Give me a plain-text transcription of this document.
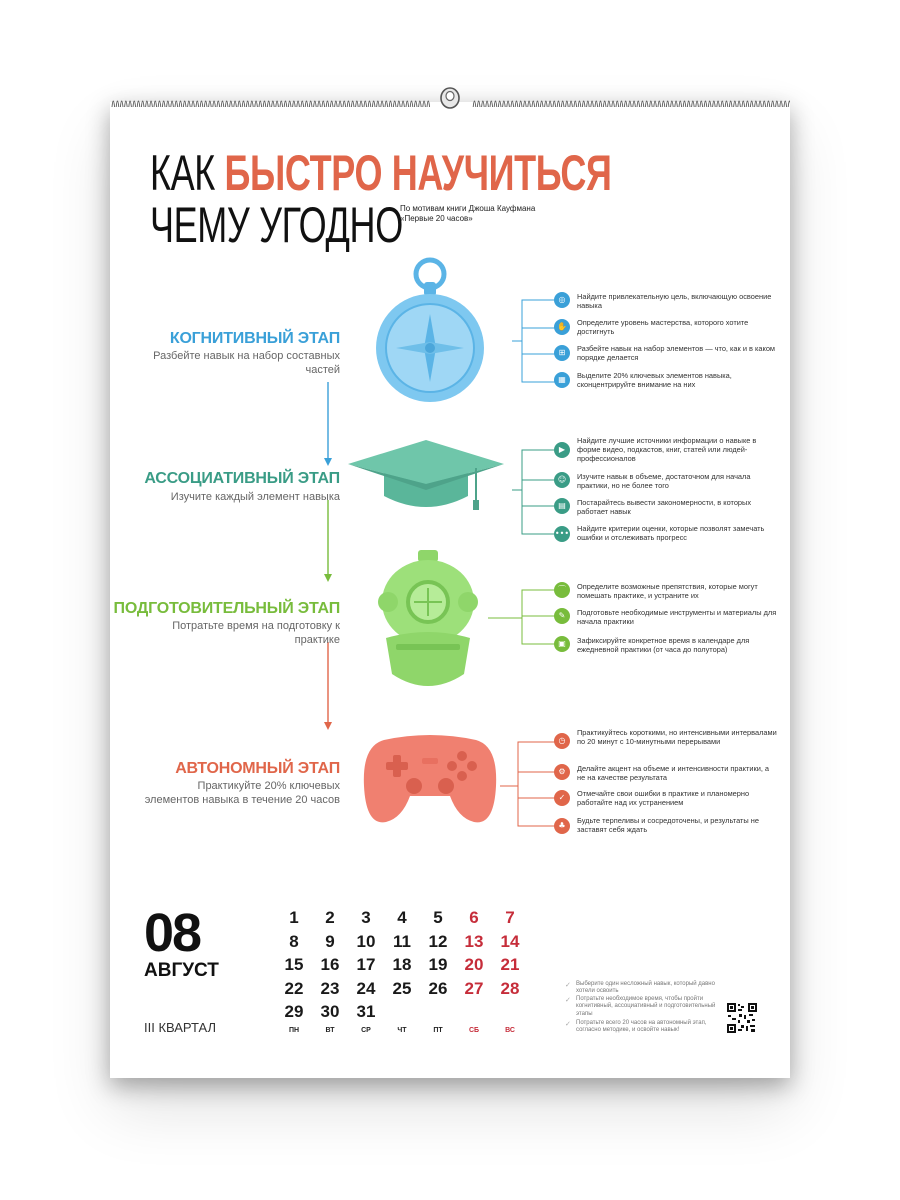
КАК БЫСТРО НАУЧИТЬСЯ
ЧЕМУ УГОДНО
По мотивам книги Джоша Кауфмана
«Первые 20 часов»
КОГНИТИВНЫЙ ЭТАП
Разбейте навык на набор составных частей
◎	Найдите привлекательную цель, включающую освоение навыка
✋	Определите уровень мастерства, которого хотите достигнуть
⊞	Разбейте навык на набор элементов — что, как и в каком порядке делается
▦	Выделите 20% ключевых элементов навыка, сконцентрируйте внимание на них
АССОЦИАТИВНЫЙ ЭТАП
Изучите каждый элемент навыка
▶
Найдите лучшие источники информации о навыке в форме видео, подкастов, книг, статей или людей-профессионалов
☺	Изучите навык в объеме, достаточном для начала практики, но не более того
▤	Постарайтесь вывести закономерности, в которых работает навык
•••
Найдите критерии оценки, которые позволят замечать ошибки и отслеживать прогресс
ПОДГОТОВИТЕЛЬНЫЙ ЭТАП
Потратьте время на подготовку к практике
⌒	Определите возможные препятствия, которые могут помешать практике, и устраните их
✎	Подготовьте необходимые инструменты и материалы для начала практики
▣	Зафиксируйте конкретное время в календаре для ежедневной практики (от часа до полутора)
АВТОНОМНЫЙ ЭТАП
Практикуйте 20% ключевых элементов навыка в течение 20 часов
◷
Практикуйтесь короткими, но интенсивными интервалами по 20 минут с 10-минутными перерывами
⚙	Делайте акцент на объеме и интенсивности практики, а не на качестве результата
✓	Отмечайте свои ошибки в практике и планомерно работайте над их устранением
♣
Будьте терпеливы и сосредоточены, и результаты не заставят себя ждать
08
АВГУСТ
III КВАРТАЛ
1	2	3	4	5	6	7
8	9	10	11	12	13	14
15	16	17	18	19	20	21
22	23	24	25	26	27	28
29	30	31
ПН	ВТ	СР	ЧТ	ПТ	СБ	ВС
✓ Выберите один несложный навык, который давно хотели освоить
✓ Потратьте необходимое время, чтобы пройти когнитивный, ассоциативный и подготовительный этапы
✓ Потратьте всего 20 часов на автономный этап, согласно методике, и освойте навык!
